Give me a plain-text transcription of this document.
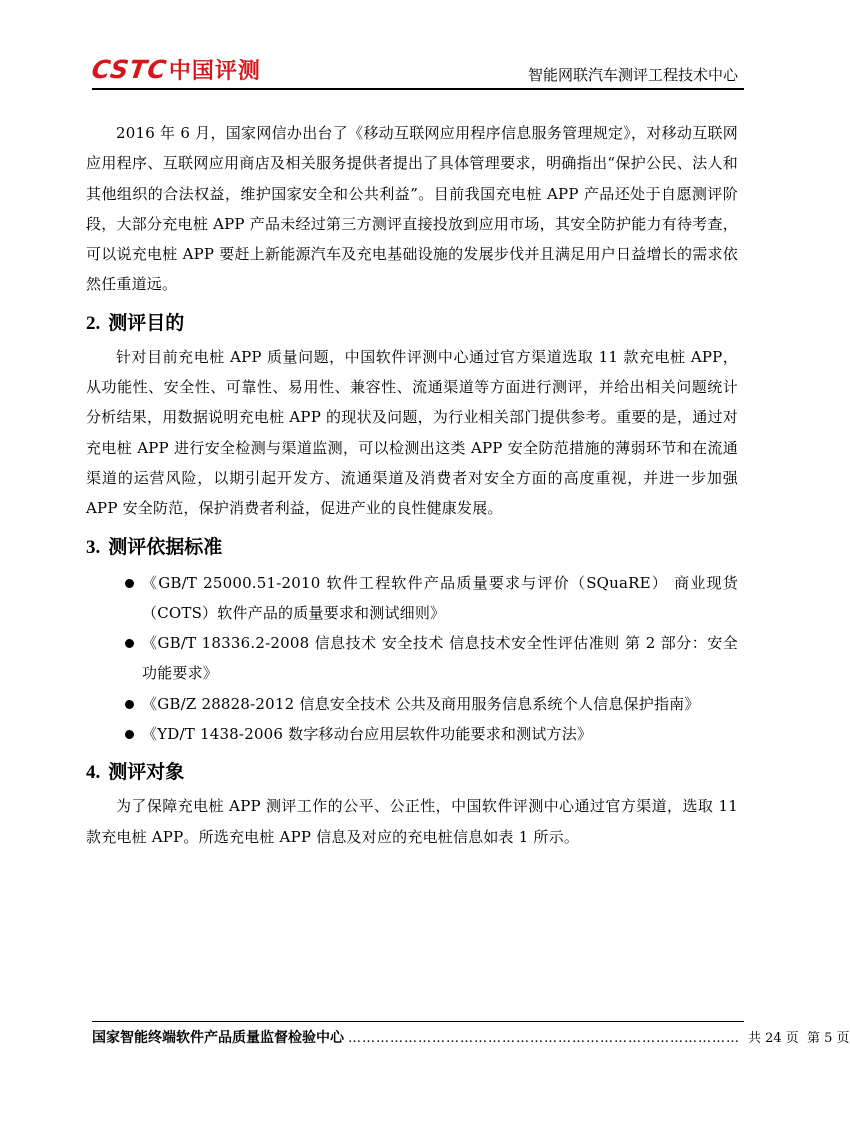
CSTC 中国评测	智能网联汽车测评工程技术中心

2016 年 6 月，国家网信办出台了《移动互联网应用程序信息服务管理规定》，对移动互联网应用程序、互联网应用商店及相关服务提供者提出了具体管理要求，明确指出“保护公民、法人和其他组织的合法权益，维护国家安全和公共利益”。目前我国充电桩 APP 产品还处于自愿测评阶段，大部分充电桩 APP 产品未经过第三方测评直接投放到应用市场，其安全防护能力有待考查，可以说充电桩 APP 要赶上新能源汽车及充电基础设施的发展步伐并且满足用户日益增长的需求依然任重道远。

2. 测评目的

针对目前充电桩 APP 质量问题，中国软件评测中心通过官方渠道选取 11 款充电桩 APP，从功能性、安全性、可靠性、易用性、兼容性、流通渠道等方面进行测评，并给出相关问题统计分析结果，用数据说明充电桩 APP 的现状及问题，为行业相关部门提供参考。重要的是，通过对充电桩 APP 进行安全检测与渠道监测，可以检测出这类 APP 安全防范措施的薄弱环节和在流通渠道的运营风险，以期引起开发方、流通渠道及消费者对安全方面的高度重视，并进一步加强 APP 安全防范，保护消费者利益，促进产业的良性健康发展。

3. 测评依据标准
《GB/T 25000.51-2010 软件工程软件产品质量要求与评价（SQuaRE） 商业现货（COTS）软件产品的质量要求和测试细则》
《GB/T 18336.2-2008 信息技术 安全技术 信息技术安全性评估准则 第 2 部分：安全功能要求》
《GB/Z 28828-2012 信息安全技术 公共及商用服务信息系统个人信息保护指南》
《YD/T 1438-2006 数字移动台应用层软件功能要求和测试方法》
4. 测评对象

为了保障充电桩 APP 测评工作的公平、公正性，中国软件评测中心通过官方渠道，选取 11 款充电桩 APP。所选充电桩 APP 信息及对应的充电桩信息如表 1 所示。

国家智能终端软件产品质量监督检验中心 ………………………………………………………………………… 共 24 页 第 5 页
